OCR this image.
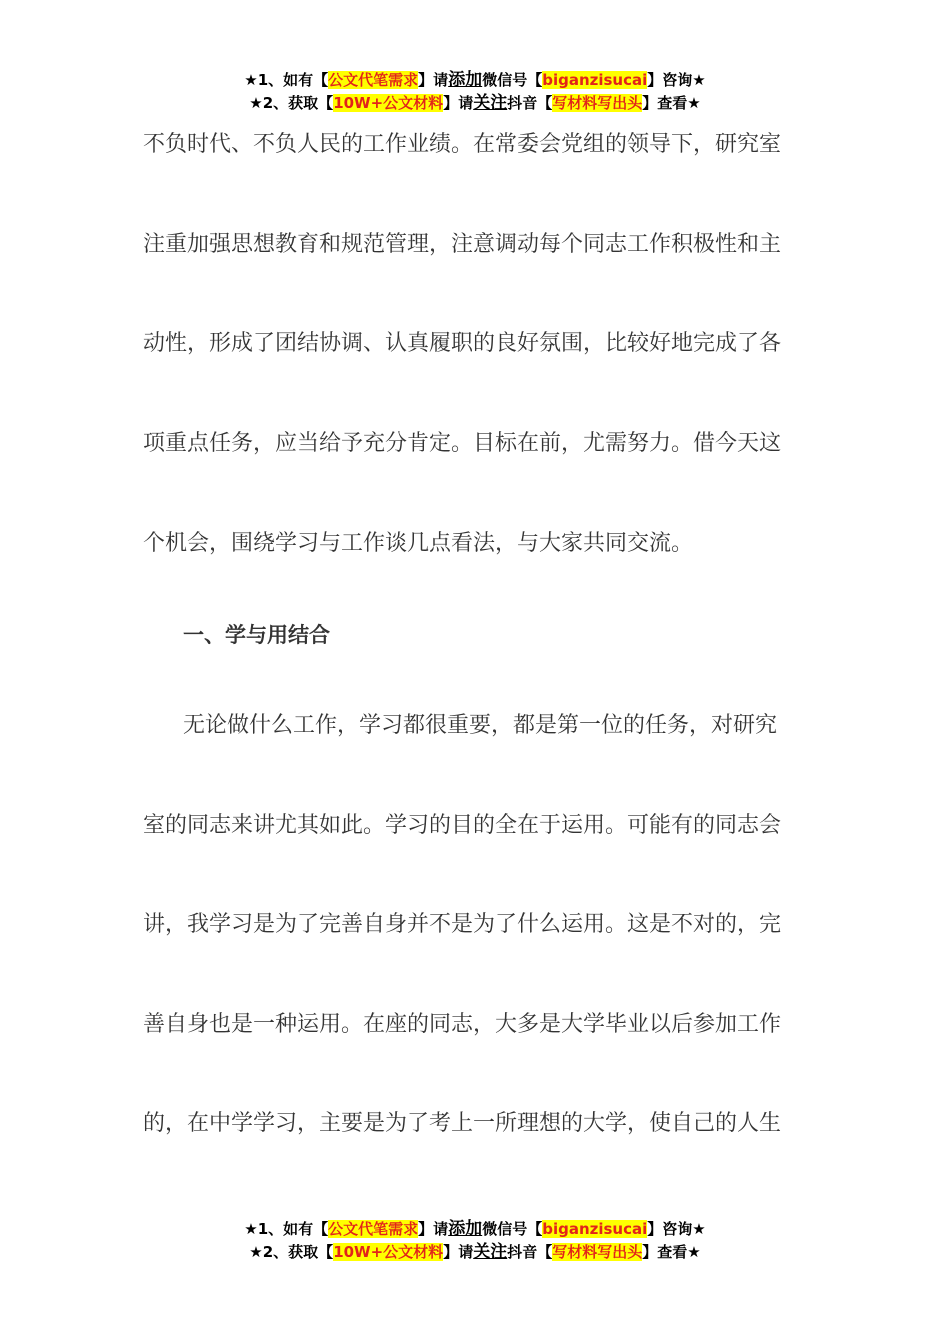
★1、如有【公文代笔需求】请添加微信号【biganzisucai】咨询★
★2、获取【10W+公文材料】请关注抖音【写材料写出头】查看★
不负时代、不负人民的工作业绩。在常委会党组的领导下，研究室
注重加强思想教育和规范管理，注意调动每个同志工作积极性和主
动性，形成了团结协调、认真履职的良好氛围，比较好地完成了各
项重点任务，应当给予充分肯定。目标在前，尤需努力。借今天这
个机会，围绕学习与工作谈几点看法，与大家共同交流。
一、学与用结合
无论做什么工作，学习都很重要，都是第一位的任务，对研究
室的同志来讲尤其如此。学习的目的全在于运用。可能有的同志会
讲，我学习是为了完善自身并不是为了什么运用。这是不对的，完
善自身也是一种运用。在座的同志，大多是大学毕业以后参加工作
的，在中学学习，主要是为了考上一所理想的大学，使自己的人生
★1、如有【公文代笔需求】请添加微信号【biganzisucai】咨询★
★2、获取【10W+公文材料】请关注抖音【写材料写出头】查看★
